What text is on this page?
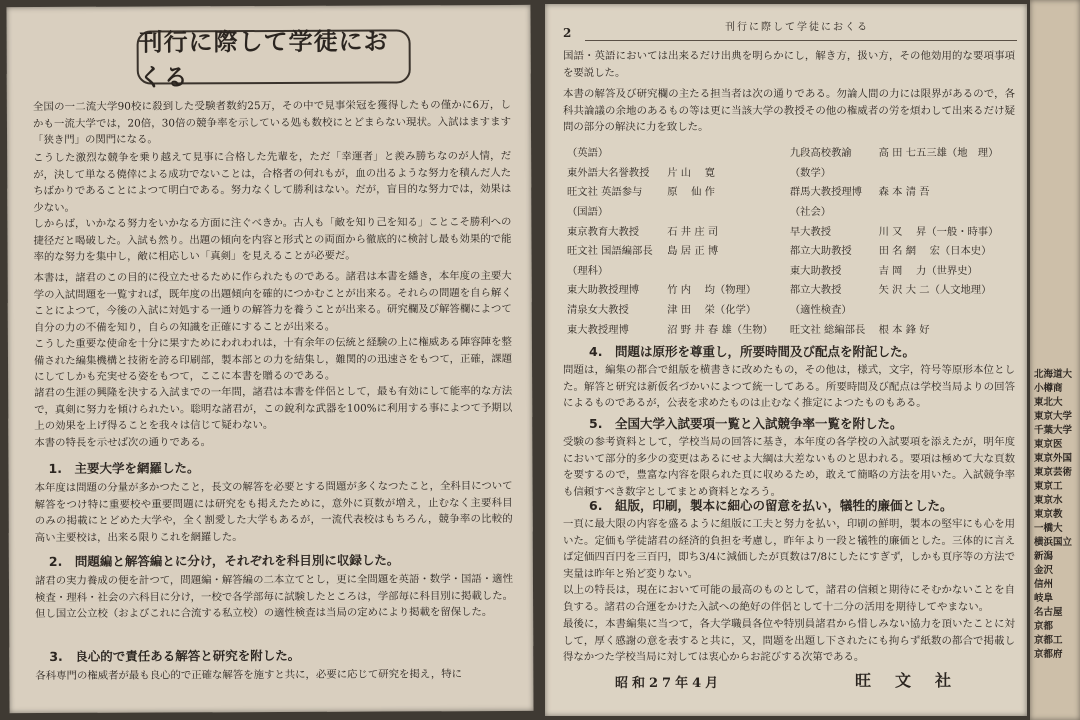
刊行に際して学徒におくる

全国の一二流大学90校に殺到した受験者数約25万，その中で見事栄冠を獲得したもの僅かに6万，しかも一流大学では，20倍，30倍の競争率を示している処も数校にとどまらない現状。入試はますます「狭き門」の関門になる。

こうした激烈な競争を乗り越えて見事に合格した先輩を，ただ「幸運者」と羨み勝ちなのが人情，だが，決して単なる僥倖による成功でないことは，合格者の何れもが，血の出るような努力を積んだ人たちばかりであることによつて明白である。努力なくして勝利はない。だが，盲目的な努力では，効果は少ない。

しからば，いかなる努力をいかなる方面に注ぐべきか。古人も「敵を知り己を知る」ことこそ勝利への捷径だと喝破した。入試も然り。出題の傾向を内容と形式との両面から徹底的に検討し最も効果的で能率的な努力を集中し，敵に相応しい「真剣」を見えることが必要だ。

本書は，諸君のこの目的に役立たせるために作られたものである。諸君は本書を繙き，本年度の主要大学の入試問題を一覧すれば，既年度の出題傾向を確的につかむことが出来る。それらの問題を自ら解くことによつて，今後の入試に対処する一通りの解答力を養うことが出来る。研究欄及び解答欄によつて自分の力の不備を知り，自らの知識を正確にすることが出来る。

こうした重要な使命を十分に果すためにわれわれは，十有余年の伝統と経験の上に権威ある陣容陣を整備された編集機構と技術を誇る印刷部，製本部との力を結集し，難関的の迅速さをもつて，正確，課題にしてしかも充実せる姿をもつて，ここに本書を贈るのである。

諸君の生涯の興隆を決する入試までの一年間，諸君は本書を伴侶として，最も有効にして能率的な方法で，真剣に努力を傾けられたい。聡明な諸君が，この銳利な武器を100%に利用する事によつて予期以上の効果を上げ得ることを我々は信じて疑わない。

本書の特長を示せば次の通りである。

1.　主要大学を網羅した。

本年度は問題の分量が多かつたこと，長文の解答を必要とする問題が多くなつたこと，全科目について解答をつけ特に重要校や重要問題には研究をも掲えたために，意外に頁数が増え，止むなく主要科目のみの掲載にとどめた大学や，全く割愛した大学もあるが，一流代表校はもちろん，競争率の比較的高い主要校は，出来る限りこれを網羅した。

2.　問題編と解答編とに分け，それぞれを科目別に収録した。

諸君の実力養成の便を計つて，問題編・解答編の二本立てとし，更に全問題を英語・数学・国語・適性検査・理科・社会の六科目に分け，一校で各学部毎に試験したところは，学部毎に科目別に掲載した。但し国立公立校（およびこれに合流する私立校）の適性検査は当局の定めにより掲載を留保した。

3.　良心的で責任ある解答と研究を附した。

各科専門の権威者が最も良心的で正確な解答を施すと共に，必要に応じて研究を掲え，特に

2	刊行に際して学徒におくる

国語・英語においては出来るだけ出典を明らかにし，解き方，扱い方，その他効用的な要項事項を要説した。

本書の解答及び研究欄の主たる担当者は次の通りである。勿論人間の力には限界があるので，各科共論議の余地のあるもの等は更に当該大学の教授その他の権威者の労を煩わして出来るだけ疑問の部分の解決に力を致した。

（英語）		九段高校教諭	高 田 七五三雄（地　理）
東外語大名誉教授	片 山 　寛	（数学）	
旺文社 英語参与	原 　仙 作	群馬大教授理博	森 本 清 吾
（国語）		（社会）	
東京教育大教授	石 井 庄 司	早大教授	川 又 　昇（一般・時事）
旺文社 国語編部長	島 居 正 博	都立大助教授	田 名 網 　宏（日本史）
（理科）		東大助教授	吉 岡 　力（世界史）
東大助教授理博	竹 内 　均（物理）	都立大教授	矢 沢 大 二（人文地理）
清泉女大教授	津 田 　栄（化学）	（適性検査）	
東大教授理博	沼 野 井 春 雄（生物）	旺文社 総編部長	根 本 鋒 好
4.　問題は原形を尊重し，所要時間及び配点を附記した。

問題は，編集の都合で組版を横書きに改めたもの，その他は，様式，文字，符号等原形本位とした。解答と研究は新仮名づかいによつて統一してある。所要時間及び配点は学校当局よりの回答によるものであるが，公表を求めたものは止むなく推定によつたものもある。

5.　全国大学入試要項一覧と入試競争率一覧を附した。

受験の参考資料として，学校当局の回答に基き，本年度の各学校の入試要項を添えたが，明年度において部分的多少の変更はあるにせよ大綱は大差ないものと思われる。要項は極めて大な頁数を要するので，豊富な内容を限られた頁に収めるため，敢えて簡略の方法を用いた。入試競争率も信頼すべき数字としてまとめ資料となろう。

6.　組版，印刷，製本に細心の留意を払い，犠牲的廉価とした。

一頁に最大限の内容を盛るように組版に工夫と努力を払い，印刷の鮮明，製本の堅牢にも心を用いた。定価も学徒諸君の経済的負担を考慮し，昨年より一段と犠牲的廉価とした。三体的に言えば定価四百円を三百円，即ち3/4に減価したが頁数は7/8にしたにすぎず，しかも頁序等の方法で実量は昨年と殆ど変りない。

以上の特長は，現在において可能の最高のものとして，諸君の信頼と期待にそむかないことを自負する。諸君の合運をかけた入試への絶好の伴侶として十二分の活用を期待してやまない。

最後に，本書編集に当つて，各大学職員各位や特別員諸君から惜しみない協力を頂いたことに対して，厚く感謝の意を表すると共に，又，問題を出題し下されたにも拘らず紙数の都合で掲載し得なかつた学校当局に対しては衷心からお詫びする次第である。

昭和27年4月	旺　文　社
北海道大
小樽商
東北大
東京大学
千葉大学
東京医
東京外国
東京芸術
東京工
東京水
東京教
一橋大
横浜国立
新潟
金沢
信州
岐阜
名古屋
京都
京都工
京都府
